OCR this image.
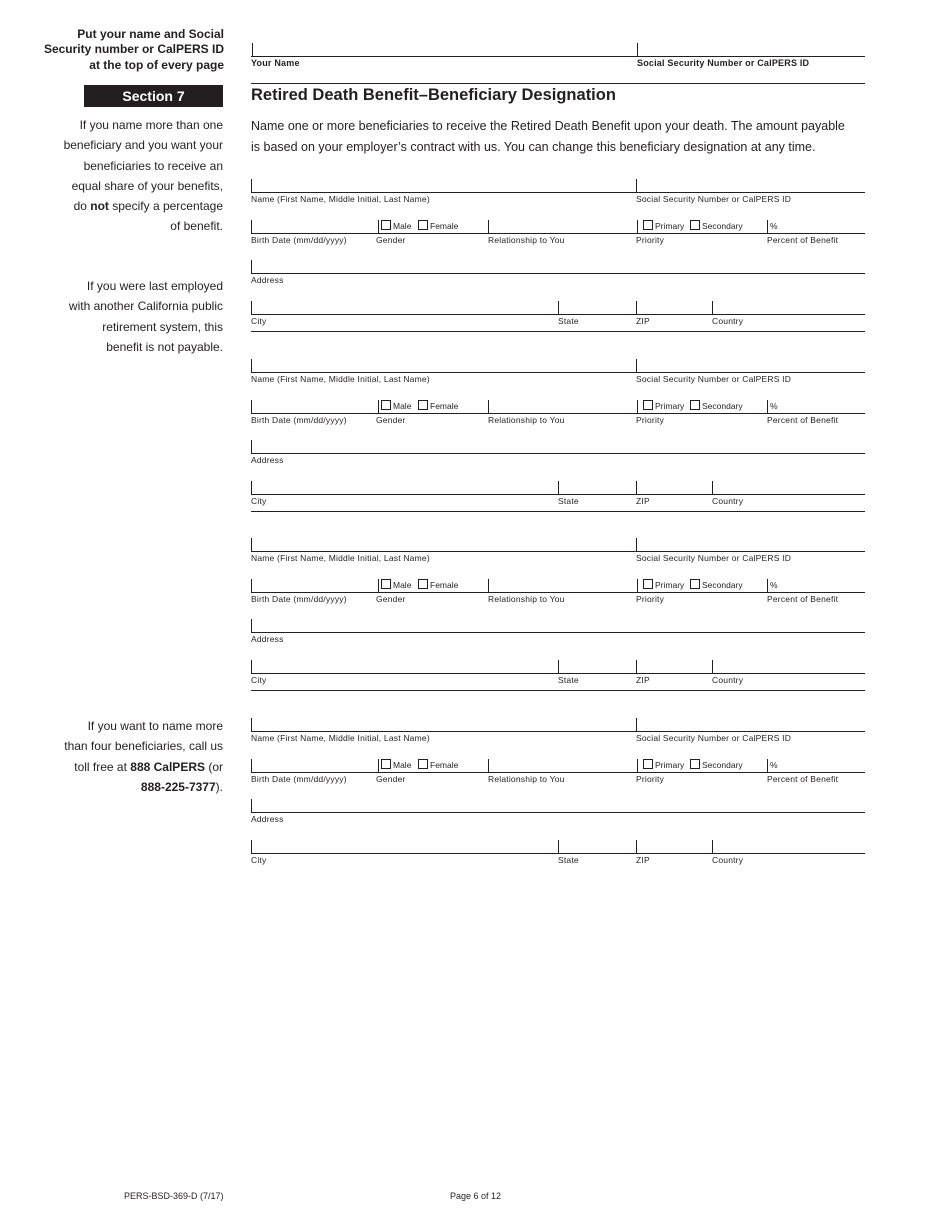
Put your name and Social Security number or CalPERS ID at the top of every page	Your Name	Social Security Number or CalPERS ID
Section 7	Retired Death Benefit–Beneficiary Designation
Name one or more beneficiaries to receive the Retired Death Benefit upon your death. The amount payable is based on your employer’s contract with us. You can change this beneficiary designation at any time.
If you name more than one beneficiary and you want your beneficiaries to receive an equal share of your benefits, do not specify a percentage of benefit.
If you were last employed with another California public retirement system, this benefit is not payable.
If you want to name more than four beneficiaries, call us toll free at 888 CalPERS (or 888-225-7377).
Name (First Name, Middle Initial, Last Name)	Social Security Number or CalPERS ID
Male Female	Primary Secondary	%
Birth Date (mm/dd/yyyy)	Gender	Relationship to You	Priority	Percent of Benefit
Address
City	State	ZIP	Country
Name (First Name, Middle Initial, Last Name)	Social Security Number or CalPERS ID
Male Female	Primary Secondary	%
Birth Date (mm/dd/yyyy)	Gender	Relationship to You	Priority	Percent of Benefit
Address
City	State	ZIP	Country
Name (First Name, Middle Initial, Last Name)	Social Security Number or CalPERS ID
Male Female	Primary Secondary	%
Birth Date (mm/dd/yyyy)	Gender	Relationship to You	Priority	Percent of Benefit
Address
City	State	ZIP	Country
Name (First Name, Middle Initial, Last Name)	Social Security Number or CalPERS ID
Male Female	Primary Secondary	%
Birth Date (mm/dd/yyyy)	Gender	Relationship to You	Priority	Percent of Benefit
Address
City	State	ZIP	Country
PERS-BSD-369-D (7/17)	Page 6 of 12
